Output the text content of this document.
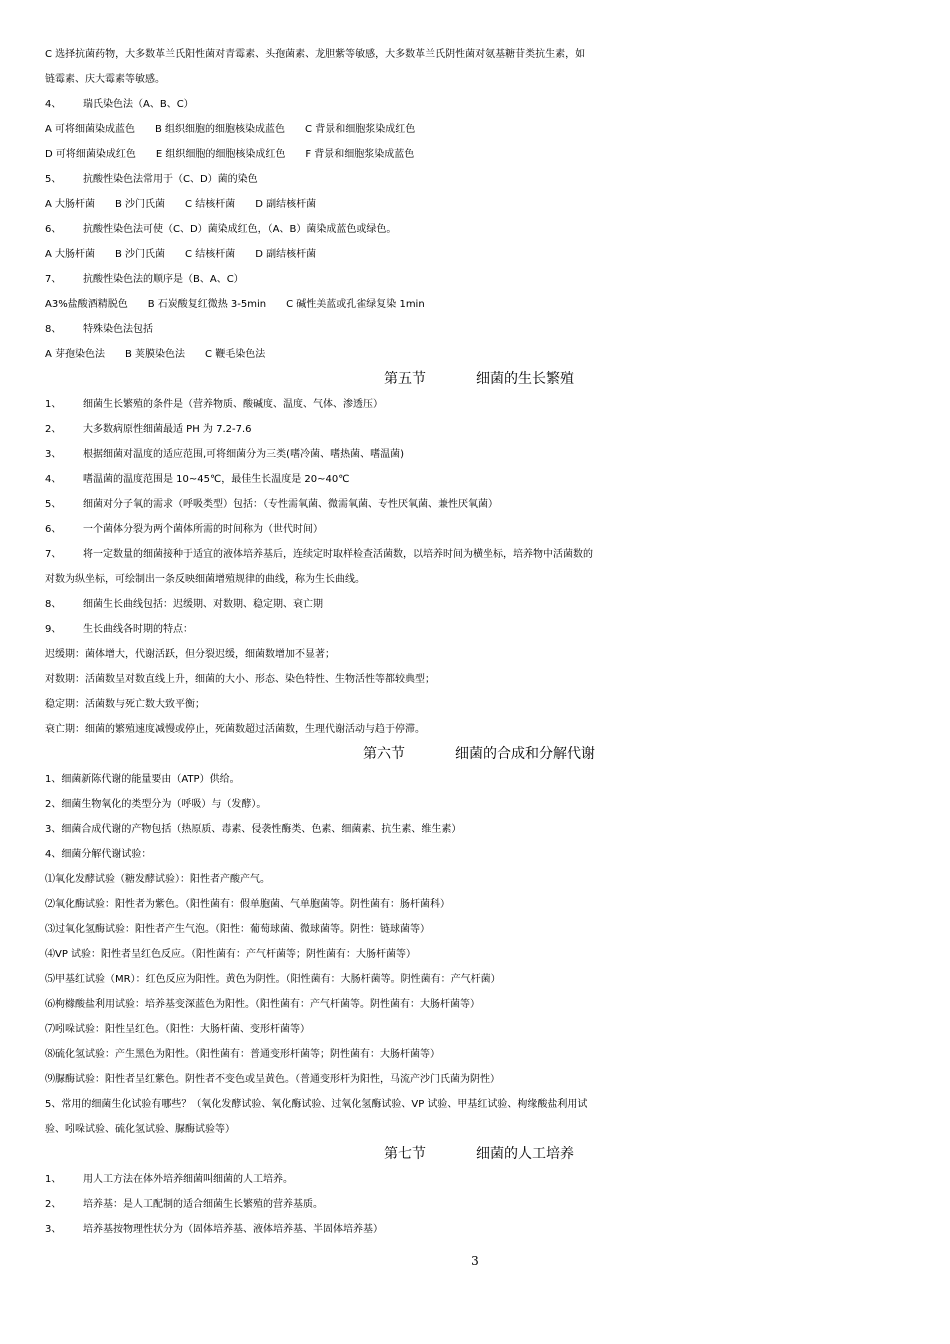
C 选择抗菌药物，大多数革兰氏阳性菌对青霉素、头孢菌素、龙胆紫等敏感，大多数革兰氏阴性菌对氨基糖苷类抗生素，如
链霉素、庆大霉素等敏感。
4、 瑞氏染色法（A、B、C）
A 可将细菌染成蓝色　　B 组织细胞的细胞核染成蓝色　　C 背景和细胞浆染成红色
D 可将细菌染成红色　　E 组织细胞的细胞核染成红色　　F 背景和细胞浆染成蓝色
5、 抗酸性染色法常用于（C、D）菌的染色
A 大肠杆菌　　B 沙门氏菌　　C 结核杆菌　　D 副结核杆菌
6、 抗酸性染色法可使（C、D）菌染成红色，（A、B）菌染成蓝色或绿色。
A 大肠杆菌　　B 沙门氏菌　　C 结核杆菌　　D 副结核杆菌
7、 抗酸性染色法的顺序是（B、A、C）
A3%盐酸酒精脱色　　B 石炭酸复红微热 3-5min　　C 碱性美蓝或孔雀绿复染 1min
8、 特殊染色法包括
A 芽孢染色法　　B 荚膜染色法　　C 鞭毛染色法
第五节	细菌的生长繁殖
1、 细菌生长繁殖的条件是（营养物质、酸碱度、温度、气体、渗透压）
2、 大多数病原性细菌最适 PH 为 7.2-7.6
3、 根据细菌对温度的适应范围,可将细菌分为三类(嗜冷菌、嗜热菌、嗜温菌)
4、 嗜温菌的温度范围是 10~45℃，最佳生长温度是 20~40℃
5、 细菌对分子氧的需求（呼吸类型）包括：（专性需氧菌、微需氧菌、专性厌氧菌、兼性厌氧菌）
6、 一个菌体分裂为两个菌体所需的时间称为（世代时间）
7、 将一定数量的细菌接种于适宜的液体培养基后，连续定时取样检查活菌数，以培养时间为横坐标，培养物中活菌数的
对数为纵坐标，可绘制出一条反映细菌增殖规律的曲线，称为生长曲线。
8、 细菌生长曲线包括：迟缓期、对数期、稳定期、衰亡期
9、 生长曲线各时期的特点：
迟缓期：菌体增大，代谢活跃，但分裂迟缓，细菌数增加不显著；
对数期：活菌数呈对数直线上升，细菌的大小、形态、染色特性、生物活性等都较典型；
稳定期：活菌数与死亡数大致平衡；
衰亡期：细菌的繁殖速度减慢或停止，死菌数超过活菌数，生理代谢活动与趋于停滞。
第六节	细菌的合成和分解代谢
1、细菌新陈代谢的能量要由（ATP）供给。
2、细菌生物氧化的类型分为（呼吸）与（发酵）。
3、细菌合成代谢的产物包括（热原质、毒素、侵袭性酶类、色素、细菌素、抗生素、维生素）
4、细菌分解代谢试验：
⑴氧化发酵试验（糖发酵试验）：阳性者产酸产气。
⑵氧化酶试验：阳性者为紫色。（阳性菌有：假单胞菌、气单胞菌等。阴性菌有：肠杆菌科）
⑶过氧化氢酶试验：阳性者产生气泡。（阳性：葡萄球菌、微球菌等。阴性：链球菌等）
⑷VP 试验：阳性者呈红色反应。（阳性菌有：产气杆菌等；阴性菌有：大肠杆菌等）
⑸甲基红试验（MR）：红色反应为阳性。黄色为阴性。（阳性菌有：大肠杆菌等。阴性菌有：产气杆菌）
⑹枸橼酸盐利用试验：培养基变深蓝色为阳性。（阳性菌有：产气杆菌等。阴性菌有：大肠杆菌等）
⑺吲哚试验：阳性呈红色。（阳性：大肠杆菌、变形杆菌等）
⑻硫化氢试验：产生黑色为阳性。（阳性菌有：普通变形杆菌等；阴性菌有：大肠杆菌等）
⑼脲酶试验：阳性者呈红紫色。阴性者不变色或呈黄色。（普通变形杆为阳性，马流产沙门氏菌为阴性）
5、常用的细菌生化试验有哪些？（氧化发酵试验、氧化酶试验、过氧化氢酶试验、VP 试验、甲基红试验、枸缘酸盐利用试
验、吲哚试验、硫化氢试验、脲酶试验等）
第七节	细菌的人工培养
1、 用人工方法在体外培养细菌叫细菌的人工培养。
2、 培养基：是人工配制的适合细菌生长繁殖的营养基质。
3、 培养基按物理性状分为（固体培养基、液体培养基、半固体培养基）
3
